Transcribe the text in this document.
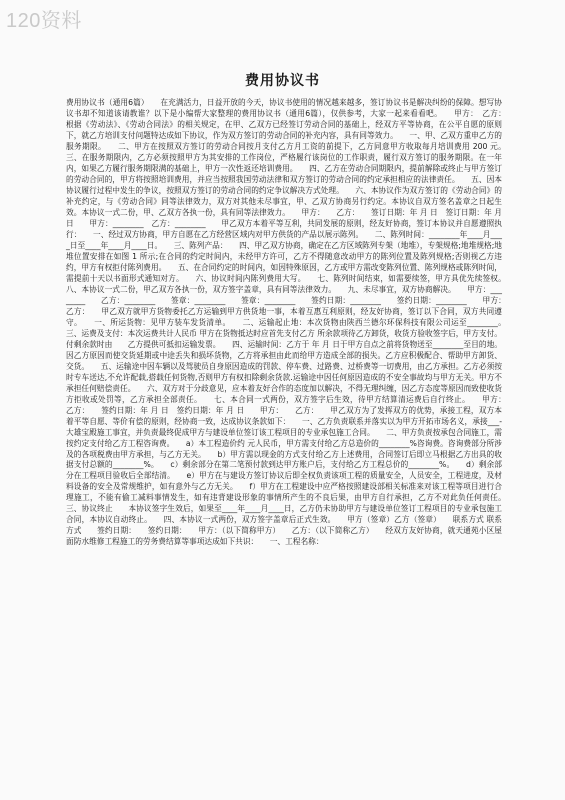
120资料
费用协议书

费用协议书（通用6篇）　　在充满活力，日益开放的今天，协议书使用的情况越来越多，签订协议书是解决纠纷的保障。想写协议书却不知道该请教谁？以下是小编帮大家整理的费用协议书（通用6篇），仅供参考，大家一起来看看吧。　　甲方：　乙方：　　根据《劳动法》、《劳动合同法》的相关规定，在甲、乙双方已经签订劳动合同的基础上，经双方平等协商，在公平自愿的原则下，就乙方培训支付问题特达成如下协议，作为双方签订的劳动合同的补充内容，具有同等效力。　　一、甲、乙双方重申乙方的服务期限。　　二、甲方在按照双方签订的劳动合同按月支付乙方月工资的前提下，乙方同意甲方收取每月培训费用 200 元。　　三、在服务期限内，乙方必须按照甲方为其安排的工作岗位，严格履行该岗位的工作职责，履行双方签订的服务期限。在一年内，如果乙方履行服务期限满的基础上，甲方一次性返还培训费用。　　四、乙方在劳动合同期限内，提前解除或终止与甲方签订的劳动合同的，甲方将按照培训费用，并应当按照我国劳动法律和双方签订的劳动合同的约定承担相应的法律责任。　　五、因本协议履行过程中发生的争议，按照双方签订的劳动合同的约定争议解决方式处理。　　六、本协议作为双方签订的《劳动合同》的补充约定，与《劳动合同》同等法律效力，双方对其他未尽事宜，甲、乙双方协商另行约定。本协议自双方签名盖章之日起生效。本协议一式二份，甲、乙双方各执一份，具有同等法律效力。　　甲方：　　乙方：　　签订日期：年 月 日　签订日期：年 月 日　　甲方：________　乙方：________　　甲乙双方本着平等互利，共同发展的原则，经友好协商，签订本协议并自愿遵照执行：　　一、经过双方协商，甲方自愿在乙方经营区域内对甲方供货的产品以展示陈列。　　二、陈列时间：________年____月____日至____年____月____日。　　三、陈列产品：　　四、甲乙双方协商，确定在乙方区域陈列专架（地堆），专架规格;地堆规格;地堆位置安排在如图 1 所示;在合同的约定时间内，未经甲方许可，乙方不得随意改动甲方的陈列位置及陈列规格;否则视乙方违约，甲方有权拒付陈列费用。　　五、在合同约定的时间内，如因特殊原因，乙方或甲方需改变陈列位置、陈列规格或陈列时间，需提前十天以书面形式通知对方。　　六、协议时间内陈列费用大写。　　七、陈列时间结束，如需要续签，甲方具优先续签权。　　八、本协议一式二份，甲乙双方各执一份，双方签字盖章，具有同等法律效力。　　九、未尽事宜，双方协商解决。　　甲方：________　　乙方：________　　签章：________　　签章：________　　签约日期：________　　签约日期：________　　甲方：　　乙方：　　甲乙双方就甲方货物委托乙方运输到甲方供货地一事，本着互惠互利原则，经友好协商，签订以下合同，双方共同遵守。　　一、所运货物：见甲方装车发货清单。　　二、运输起止地：本次货物由陕西兰德尔环保科技有限公司运至________。　　三、运费及支付：本次运费共计人民币 甲方在货物抵达时应首先支付乙方 所余款项待乙方卸货，收货方验收签字后，甲方支付。付剩余款时由　　乙方提供可抵扣运输发票。　　四、运输时间：乙方于 年 月 日于甲方自点之前将货物送至________至目的地。因乙方原因而使交货延期或中途丢失和损坏货物，乙方将承担由此而给甲方造成全部的损失。乙方应积极配合、帮助甲方卸货、交货。　　五、运输途中因车辆以及驾驶员自身原因造成的罚款、停车费、过路费、过桥费等一切费用，由乙方承担。乙方必须按时专车送达,不允许配载,搭载任何货物,否则甲方有权扣除剩余货款.运输途中因任何原因造成的不安全事故均与甲方无关。甲方不承担任何赔偿责任。　　六、双方对于分歧意见，应本着友好合作的态度加以解决，不得无理纠缠，因乙方态度等原因而致使收货方拒收或处罚等，乙方承担全部责任。　　七、本合同一式两份，双方签字后生效，待甲方结算清运费后自行终止。　　甲方：　　乙方：　　签约日期：年 月 日　签约日期：年 月 日　　甲方：　　乙方：　　甲乙双方为了发挥双方的优势，承接工程，双方本着平等自愿、等价有偿的原则，经协商一致，达成协议条款如下：　　一、乙方负责联系并落实以为甲方开拓市场名义，承接___-大雄宝殿施工事宜，并负责最终促成甲方与建设单位签订该工程项目的专业承包施工合同。　　二、甲方负责按承包合同施工，需按约定支付给乙方工程咨询费。　　a）本工程造价约 元人民币，甲方需支付给乙方总造价的________%咨询费。咨询费部分所涉及的各项税费由甲方承担，与乙方无关。　　b）甲方需以现金的方式支付给乙方上述费用，合同签订后即立马根据乙方出具的收据支付总额的________%。　　c）剩余部分在第二笔预付款到达甲方账户后，支付给乙方工程总价的________%。　　d）剩余部分在工程项目验收后全部结清。　　e）甲方在与建设方签订协议后即全权负责该项工程的质量安全，人员安全，工程进度，及材料设备的安全及常规维护，如有意外与乙方无关。　　f）甲方在工程建设中应严格按照建设部相关标准来对该工程等项目进行合理施工，不能有偷工减料事情发生，如有违背建设形象的事情所产生的不良后果，由甲方自行承担，乙方不对此负任何责任。　　三、协议终止　　本协议签字生效后，如果至____年____月____日，乙方仍未协助甲方与建设单位签订工程项目的专业承包施工合同，本协议自动终止。　　四、本协议一式两份，双方签字盖章后正式生效。　　甲方（签章）乙方（签章）　　联系方式 联系方式　　签约日期：　　签约日期：　　甲方：（以下简称甲方）　　乙方：（以下简称乙方）　　经双方友好协商，就天通苑小区屋面防水维修工程施工的劳务费结算等事项达成如下共识：　　一、工程名称：
